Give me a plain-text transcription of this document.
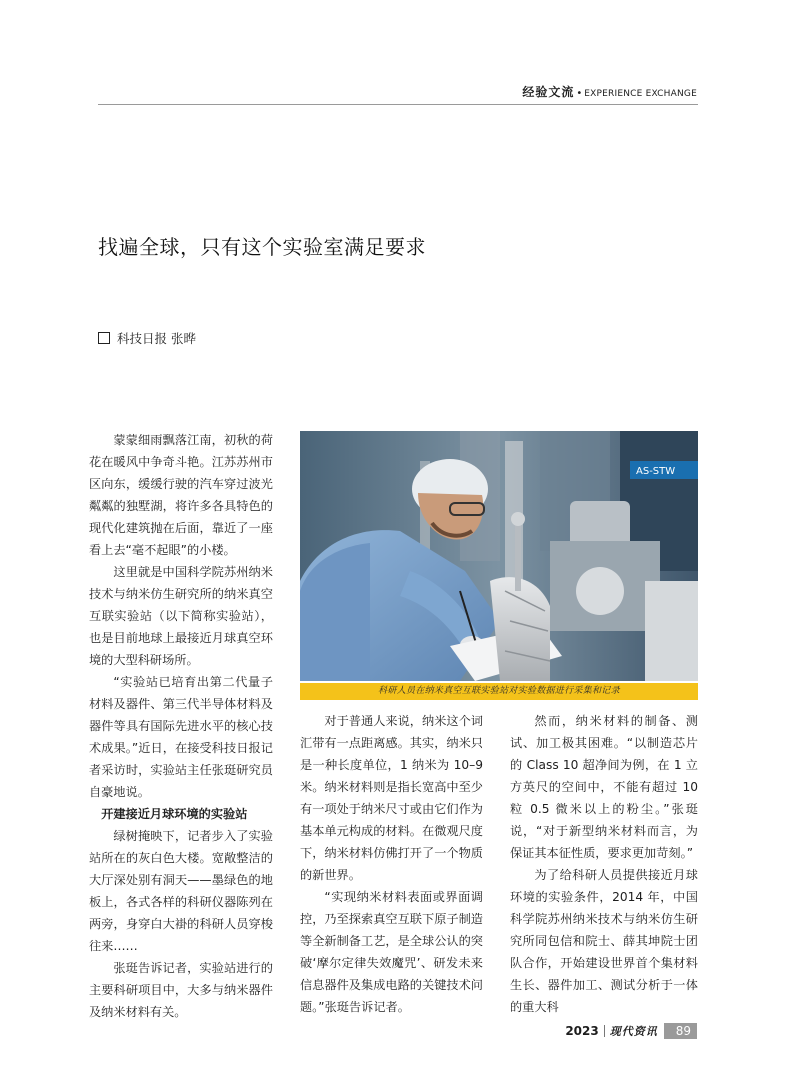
经验文流 • EXPERIENCE EXCHANGE
找遍全球，只有这个实验室满足要求
科技日报 张晔

蒙蒙细雨飘落江南，初秋的荷花在暖风中争奇斗艳。江苏苏州市区向东，缓缓行驶的汽车穿过波光粼粼的独墅湖，将许多各具特色的现代化建筑抛在后面，靠近了一座看上去“毫不起眼”的小楼。

这里就是中国科学院苏州纳米技术与纳米仿生研究所的纳米真空互联实验站（以下简称实验站），也是目前地球上最接近月球真空环境的大型科研场所。

“实验站已培育出第二代量子材料及器件、第三代半导体材料及器件等具有国际先进水平的核心技术成果。”近日，在接受科技日报记者采访时，实验站主任张珽研究员自豪地说。

开建接近月球环境的实验站

绿树掩映下，记者步入了实验站所在的灰白色大楼。宽敞整洁的大厅深处别有洞天——墨绿色的地板上，各式各样的科研仪器陈列在两旁，身穿白大褂的科研人员穿梭往来……

张珽告诉记者，实验站进行的主要科研项目中，大多与纳米器件及纳米材料有关。

AS-STW
科研人员在纳米真空互联实验站对实验数据进行采集和记录

对于普通人来说，纳米这个词汇带有一点距离感。其实，纳米只是一种长度单位，1 纳米为 10–9 米。纳米材料则是指长宽高中至少有一项处于纳米尺寸或由它们作为基本单元构成的材料。在微观尺度下，纳米材料仿佛打开了一个物质的新世界。

“实现纳米材料表面或界面调控，乃至探索真空互联下原子制造等全新制备工艺，是全球公认的突破‘摩尔定律失效魔咒’、研发未来信息器件及集成电路的关键技术问题。”张珽告诉记者。

然而，纳米材料的制备、测试、加工极其困难。“以制造芯片的 Class 10 超净间为例，在 1 立方英尺的空间中，不能有超过 10 粒 0.5 微米以上的粉尘。”张珽说，“对于新型纳米材料而言，为保证其本征性质，要求更加苛刻。”

为了给科研人员提供接近月球环境的实验条件，2014 年，中国科学院苏州纳米技术与纳米仿生研究所同包信和院士、薛其坤院士团队合作，开始建设世界首个集材料生长、器件加工、测试分析于一体的重大科

2023 现代资讯	89
